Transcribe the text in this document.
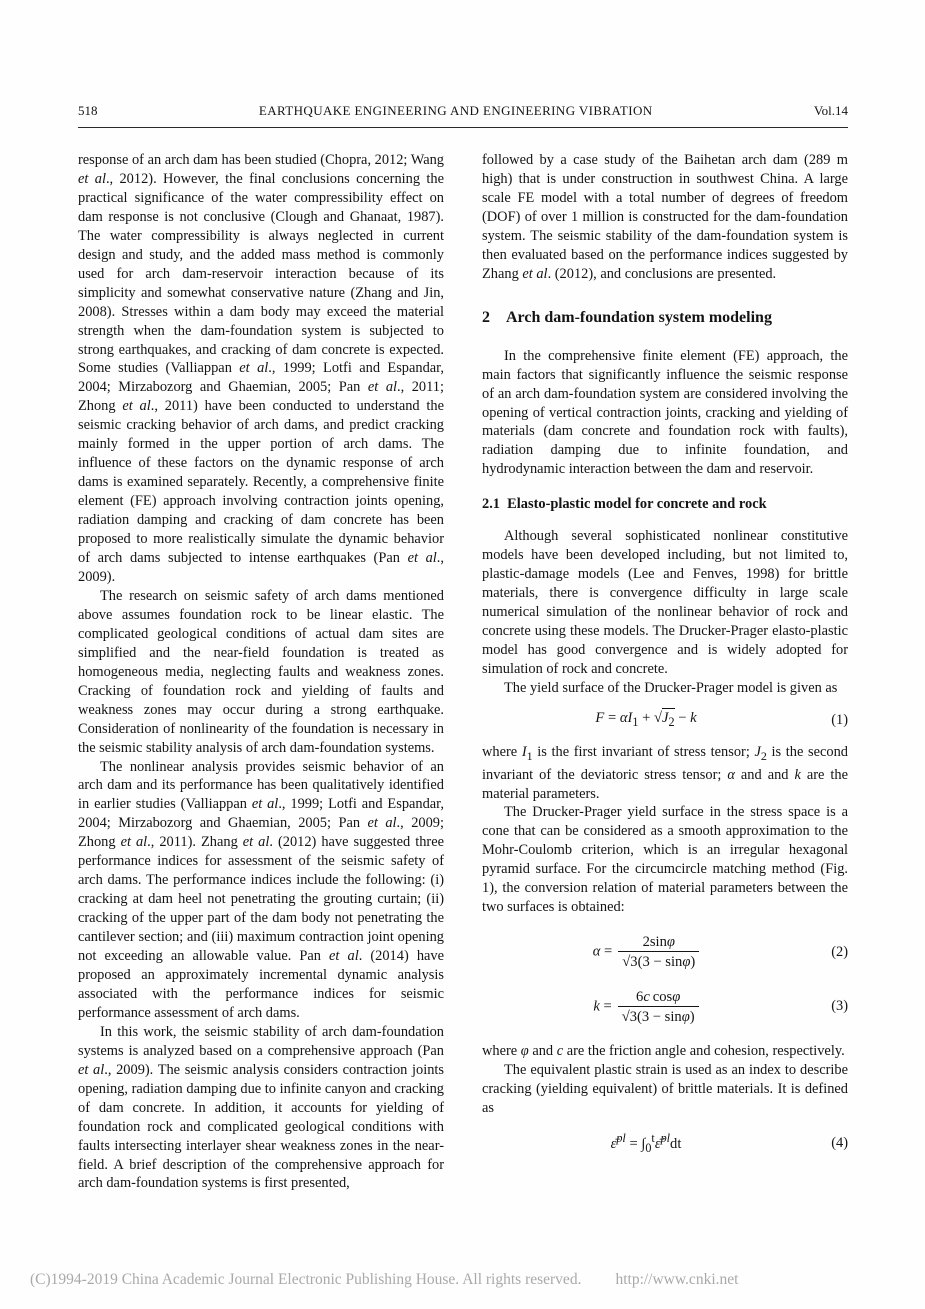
518	EARTHQUAKE ENGINEERING AND ENGINEERING VIBRATION	Vol.14

response of an arch dam has been studied (Chopra, 2012; Wang et al., 2012). However, the final conclusions concerning the practical significance of the water compressibility effect on dam response is not conclusive (Clough and Ghanaat, 1987). The water compressibility is always neglected in current design and study, and the added mass method is commonly used for arch dam-reservoir interaction because of its simplicity and somewhat conservative nature (Zhang and Jin, 2008). Stresses within a dam body may exceed the material strength when the dam-foundation system is subjected to strong earthquakes, and cracking of dam concrete is expected. Some studies (Valliappan et al., 1999; Lotfi and Espandar, 2004; Mirzabozorg and Ghaemian, 2005; Pan et al., 2011; Zhong et al., 2011) have been conducted to understand the seismic cracking behavior of arch dams, and predict cracking mainly formed in the upper portion of arch dams. The influence of these factors on the dynamic response of arch dams is examined separately. Recently, a comprehensive finite element (FE) approach involving contraction joints opening, radiation damping and cracking of dam concrete has been proposed to more realistically simulate the dynamic behavior of arch dams subjected to intense earthquakes (Pan et al., 2009).

The research on seismic safety of arch dams mentioned above assumes foundation rock to be linear elastic. The complicated geological conditions of actual dam sites are simplified and the near-field foundation is treated as homogeneous media, neglecting faults and weakness zones. Cracking of foundation rock and yielding of faults and weakness zones may occur during a strong earthquake. Consideration of nonlinearity of the foundation is necessary in the seismic stability analysis of arch dam-foundation systems.

The nonlinear analysis provides seismic behavior of an arch dam and its performance has been qualitatively identified in earlier studies (Valliappan et al., 1999; Lotfi and Espandar, 2004; Mirzabozorg and Ghaemian, 2005; Pan et al., 2009; Zhong et al., 2011). Zhang et al. (2012) have suggested three performance indices for assessment of the seismic safety of arch dams. The performance indices include the following: (i) cracking at dam heel not penetrating the grouting curtain; (ii) cracking of the upper part of the dam body not penetrating the cantilever section; and (iii) maximum contraction joint opening not exceeding an allowable value. Pan et al. (2014) have proposed an approximately incremental dynamic analysis associated with the performance indices for seismic performance assessment of arch dams.

In this work, the seismic stability of arch dam-foundation systems is analyzed based on a comprehensive approach (Pan et al., 2009). The seismic analysis considers contraction joints opening, radiation damping due to infinite canyon and cracking of dam concrete. In addition, it accounts for yielding of foundation rock and complicated geological conditions with faults intersecting interlayer shear weakness zones in the near-field. A brief description of the comprehensive approach for arch dam-foundation systems is first presented,

followed by a case study of the Baihetan arch dam (289 m high) that is under construction in southwest China. A large scale FE model with a total number of degrees of freedom (DOF) of over 1 million is constructed for the dam-foundation system. The seismic stability of the dam-foundation system is then evaluated based on the performance indices suggested by Zhang et al. (2012), and conclusions are presented.

2 Arch dam-foundation system modeling

In the comprehensive finite element (FE) approach, the main factors that significantly influence the seismic response of an arch dam-foundation system are considered involving the opening of vertical contraction joints, cracking and yielding of materials (dam concrete and foundation rock with faults), radiation damping due to infinite foundation, and hydrodynamic interaction between the dam and reservoir.

2.1 Elasto-plastic model for concrete and rock

Although several sophisticated nonlinear constitutive models have been developed including, but not limited to, plastic-damage models (Lee and Fenves, 1998) for brittle materials, there is convergence difficulty in large scale numerical simulation of the nonlinear behavior of rock and concrete using these models. The Drucker-Prager elasto-plastic model has good convergence and is widely adopted for simulation of rock and concrete.

The yield surface of the Drucker-Prager model is given as

$F = \alpha I_1 + √J_2 - k$	(1)

where $I_1$ is the first invariant of stress tensor; $J_2$ is the second invariant of the deviatoric stress tensor; α and and k are the material parameters.

The Drucker-Prager yield surface in the stress space is a cone that can be considered as a smooth approximation to the Mohr-Coulomb criterion, which is an irregular hexagonal pyramid surface. For the circumcircle matching method (Fig. 1), the conversion relation of material parameters between the two surfaces is obtained:

$\alpha = \frac{2\sin\varphi}{√3(3 - \sin\varphi)}$	(2)
$k = \frac{\text{6c cosφ}}{√3(3 - \sin\varphi)}$	(3)

where φ and c are the friction angle and cohesion, respectively.

The equivalent plastic strain is used as an index to describe cracking (yielding equivalent) of brittle materials. It is defined as

ε̄$^{pl}$ = $\int_0^t\varepsilon̄̇^{pl}dt$	(4)
(C)1994-2019 China Academic Journal Electronic Publishing House. All rights reserved. http://www.cnki.net
